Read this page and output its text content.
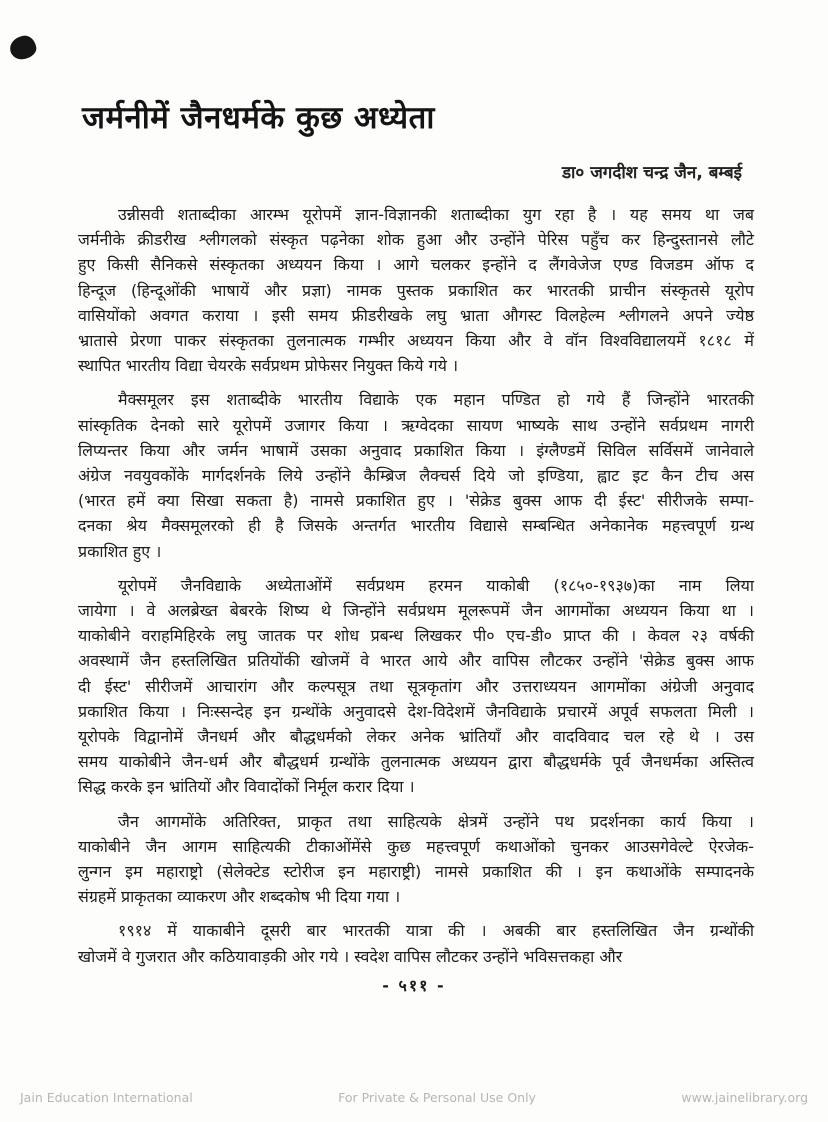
जर्मनीमें जैनधर्मके कुछ अध्येता
डा० जगदीश चन्द्र जैन, बम्बई
उन्नीसवी शताब्दीका आरम्भ यूरोपमें ज्ञान-विज्ञानकी शताब्दीका युग रहा है । यह समय था जब
जर्मनीके क्रीडरीख श्लीगलको संस्कृत पढ़नेका शोक हुआ और उन्होंने पेरिस पहुँच कर हिन्दुस्तानसे लौटे
हुए किसी सैनिकसे संस्कृतका अध्ययन किया । आगे चलकर इन्होंने द लैंगवेजेज एण्ड विजडम ऑफ द
हिन्दूज (हिन्दूओंकी भाषायें और प्रज्ञा) नामक पुस्तक प्रकाशित कर भारतकी प्राचीन संस्कृतसे यूरोप
वासियोंको अवगत कराया । इसी समय फ्रीडरीखके लघु भ्राता औगस्ट विलहेल्म श्लीगलने अपने ज्येष्ठ
भ्रातासे प्रेरणा पाकर संस्कृतका तुलनात्मक गम्भीर अध्ययन किया और वे वॉन विश्वविद्यालयमें १८१८ में
स्थापित भारतीय विद्या चेयरके सर्वप्रथम प्रोफेसर नियुक्त किये गये ।
मैक्समूलर इस शताब्दीके भारतीय विद्याके एक महान पण्डित हो गये हैं जिन्होंने भारतकी
सांस्कृतिक देनको सारे यूरोपमें उजागर किया । ऋग्वेदका सायण भाष्यके साथ उन्होंने सर्वप्रथम नागरी
लिप्यन्तर किया और जर्मन भाषामें उसका अनुवाद प्रकाशित किया । इंग्लैण्डमें सिविल सर्विसमें जानेवाले
अंग्रेज नवयुवकोंके मार्गदर्शनके लिये उन्होंने कैम्ब्रिज लैक्चर्स दिये जो इण्डिया, ह्वाट इट कैन टीच अस
(भारत हमें क्या सिखा सकता है) नामसे प्रकाशित हुए । 'सेक्रेड बुक्स आफ दी ईस्ट' सीरीजके सम्पा-
दनका श्रेय मैक्समूलरको ही है जिसके अन्तर्गत भारतीय विद्यासे सम्बन्धित अनेकानेक महत्त्वपूर्ण ग्रन्थ
प्रकाशित हुए ।
यूरोपमें जैनविद्याके अध्येताओंमें सर्वप्रथम हरमन याकोबी (१८५०-१९३७)का नाम लिया
जायेगा । वे अलब्रेख्त बेबरके शिष्य थे जिन्होंने सर्वप्रथम मूलरूपमें जैन आगमोंका अध्ययन किया था ।
याकोबीने वराहमिहिरके लघु जातक पर शोध प्रबन्ध लिखकर पी० एच-डी० प्राप्त की । केवल २३ वर्षकी
अवस्थामें जैन हस्तलिखित प्रतियोंकी खोजमें वे भारत आये और वापिस लौटकर उन्होंने 'सेक्रेड बुक्स आफ
दी ईस्ट' सीरीजमें आचारांग और कल्पसूत्र तथा सूत्रकृतांग और उत्तराध्ययन आगमोंका अंग्रेजी अनुवाद
प्रकाशित किया । निःस्सन्देह इन ग्रन्थोंके अनुवादसे देश-विदेशमें जैनविद्याके प्रचारमें अपूर्व सफलता मिली ।
यूरोपके विद्वानोमें जैनधर्म और बौद्धधर्मको लेकर अनेक भ्रांतियाँ और वादविवाद चल रहे थे । उस
समय याकोबीने जैन-धर्म और बौद्धधर्म ग्रन्थोंके तुलनात्मक अध्ययन द्वारा बौद्धधर्मके पूर्व जैनधर्मका अस्तित्व
सिद्ध करके इन भ्रांतियों और विवादोंकों निर्मूल करार दिया ।
जैन आगमोंके अतिरिक्त, प्राकृत तथा साहित्यके क्षेत्रमें उन्होंने पथ प्रदर्शनका कार्य किया ।
याकोबीने जैन आगम साहित्यकी टीकाओंमेंसे कुछ महत्त्वपूर्ण कथाओंको चुनकर आउसगेवेल्टे ऐरजेक-
लुन्गन इम महाराष्ट्रो (सेलेक्टेड स्टोरीज इन महाराष्ट्री) नामसे प्रकाशित की । इन कथाओंके सम्पादनके
संग्रहमें प्राकृतका व्याकरण और शब्दकोष भी दिया गया ।
१९१४ में याकाबीने दूसरी बार भारतकी यात्रा की । अबकी बार हस्तलिखित जैन ग्रन्थोंकी
खोजमें वे गुजरात और कठियावाड़की ओर गये । स्वदेश वापिस लौटकर उन्होंने भविसत्तकहा और
- ५११ -
Jain Education International	For Private & Personal Use Only	www.jainelibrary.org
